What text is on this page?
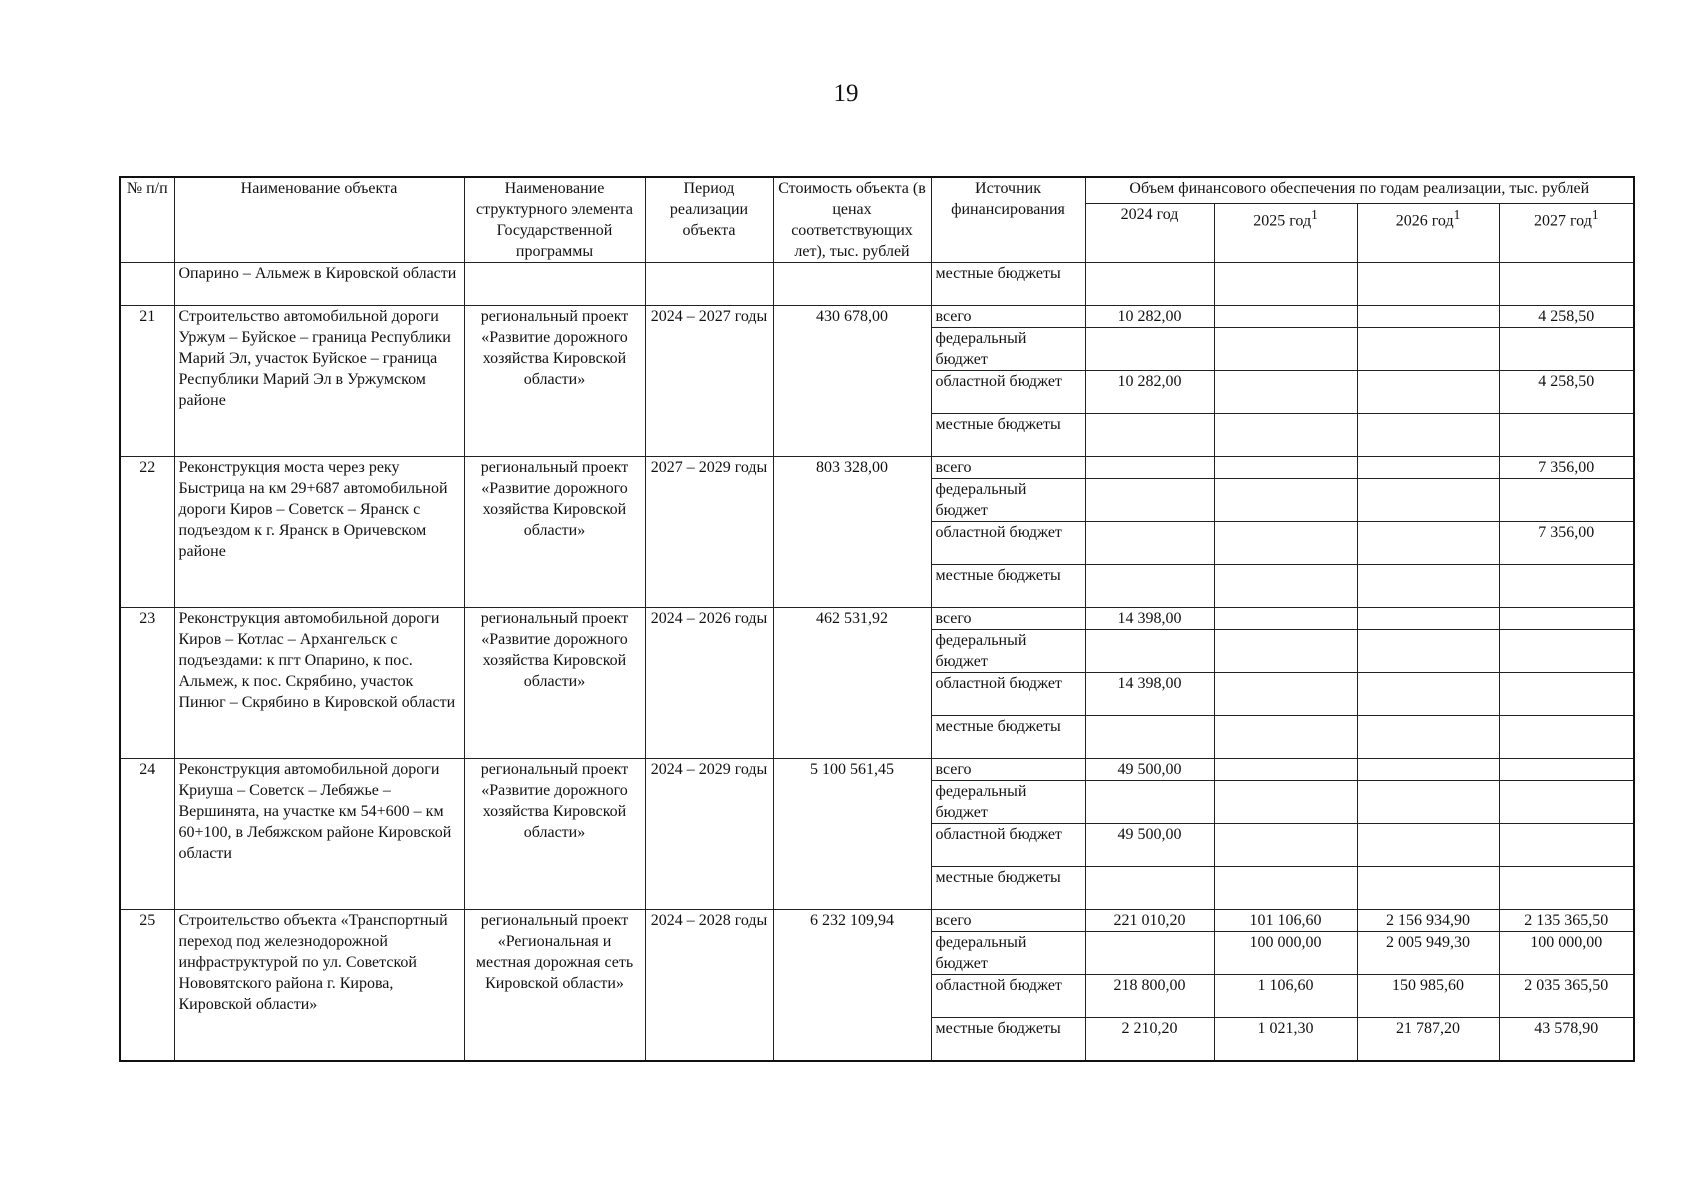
19
№ п/п	Наименование объекта	Наименование структурного элемента Государственной программы	Период реализации объекта	Стоимость объекта (в ценах соответствующих лет), тыс. рублей	Источник финансирования	Объем финансового обеспечения по годам реализации, тыс. рублей			
						2024 год	2025 год$^1$	2026 год$^1$	2027 год$^1$
	Опарино – Альмеж в Кировской области				местные бюджеты				
21	Строительство автомобильной дороги Уржум – Буйское – граница Республики Марий Эл, участок Буйское – граница Республики Марий Эл в Уржумском районе	региональный проект «Развитие дорожного хозяйства Кировской области»	2024 – 2027 годы	430 678,00	всего	10 282,00			4 258,50
					федеральный бюджет				
					областной бюджет	10 282,00			4 258,50
					местные бюджеты				
22	Реконструкция моста через реку Быстрица на км 29+687 автомобильной дороги Киров – Советск – Яранск с подъездом к г. Яранск в Оричевском районе	региональный проект «Развитие дорожного хозяйства Кировской области»	2027 – 2029 годы	803 328,00	всего				7 356,00
					федеральный бюджет				
					областной бюджет				7 356,00
					местные бюджеты				
23	Реконструкция автомобильной дороги Киров – Котлас – Архангельск с подъездами: к пгт Опарино, к пос. Альмеж, к пос. Скрябино, участок Пинюг – Скрябино в Кировской области	региональный проект «Развитие дорожного хозяйства Кировской области»	2024 – 2026 годы	462 531,92	всего	14 398,00			
					федеральный бюджет				
					областной бюджет	14 398,00			
					местные бюджеты				
24	Реконструкция автомобильной дороги Криуша – Советск – Лебяжье – Вершинята, на участке км 54+600 – км 60+100, в Лебяжском районе Кировской области	региональный проект «Развитие дорожного хозяйства Кировской области»	2024 – 2029 годы	5 100 561,45	всего	49 500,00			
					федеральный бюджет				
					областной бюджет	49 500,00			
					местные бюджеты				
25	Строительство объекта «Транспортный переход под железнодорожной инфраструктурой по ул. Советской Нововятского района г. Кирова, Кировской области»	региональный проект «Региональная и местная дорожная сеть Кировской области»	2024 – 2028 годы	6 232 109,94	всего	221 010,20	101 106,60	2 156 934,90	2 135 365,50
					федеральный бюджет		100 000,00	2 005 949,30	100 000,00
					областной бюджет	218 800,00	1 106,60	150 985,60	2 035 365,50
					местные бюджеты	2 210,20	1 021,30	21 787,20	43 578,90
